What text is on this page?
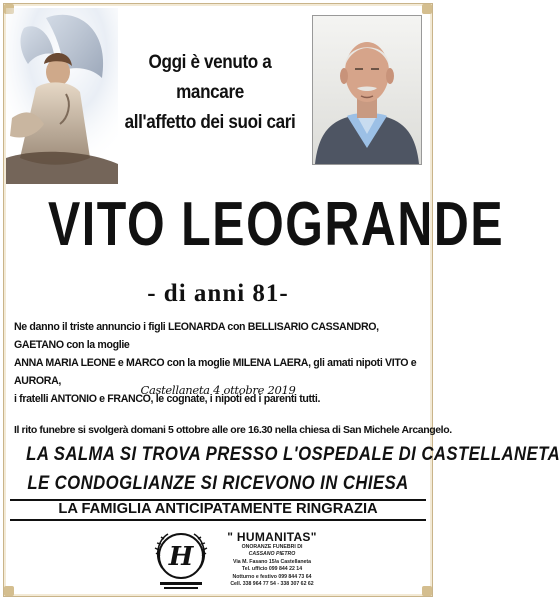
Oggi è venuto a mancare
all'affetto dei suoi cari
VITO LEOGRANDE
- di anni 81-
Ne danno il triste annuncio i figli LEONARDA con BELLISARIO CASSANDRO, GAETANO con la moglie
ANNA MARIA LEONE e MARCO con la moglie MILENA LAERA, gli amati nipoti VITO e AURORA,
i fratelli ANTONIO e FRANCO, le cognate, i nipoti ed i parenti tutti.
Castellaneta 4 ottobre 2019
Il rito funebre si svolgerà domani 5 ottobre alle ore 16.30 nella chiesa di San Michele Arcangelo.
LA SALMA SI TROVA PRESSO L'OSPEDALE DI CASTELLANETA
LE CONDOGLIANZE SI RICEVONO IN CHIESA
LA FAMIGLIA ANTICIPATAMENTE RINGRAZIA
H
" HUMANITAS"
ONORANZE FUNEBRI DI
CASSANO PIETRO
Via M. Fasano 15/a Castellaneta
Tel. ufficio 099 844 22 14
Notturno e festivo 099 844 73 64
Cell. 338 964 77 54 - 338 307 62 62
